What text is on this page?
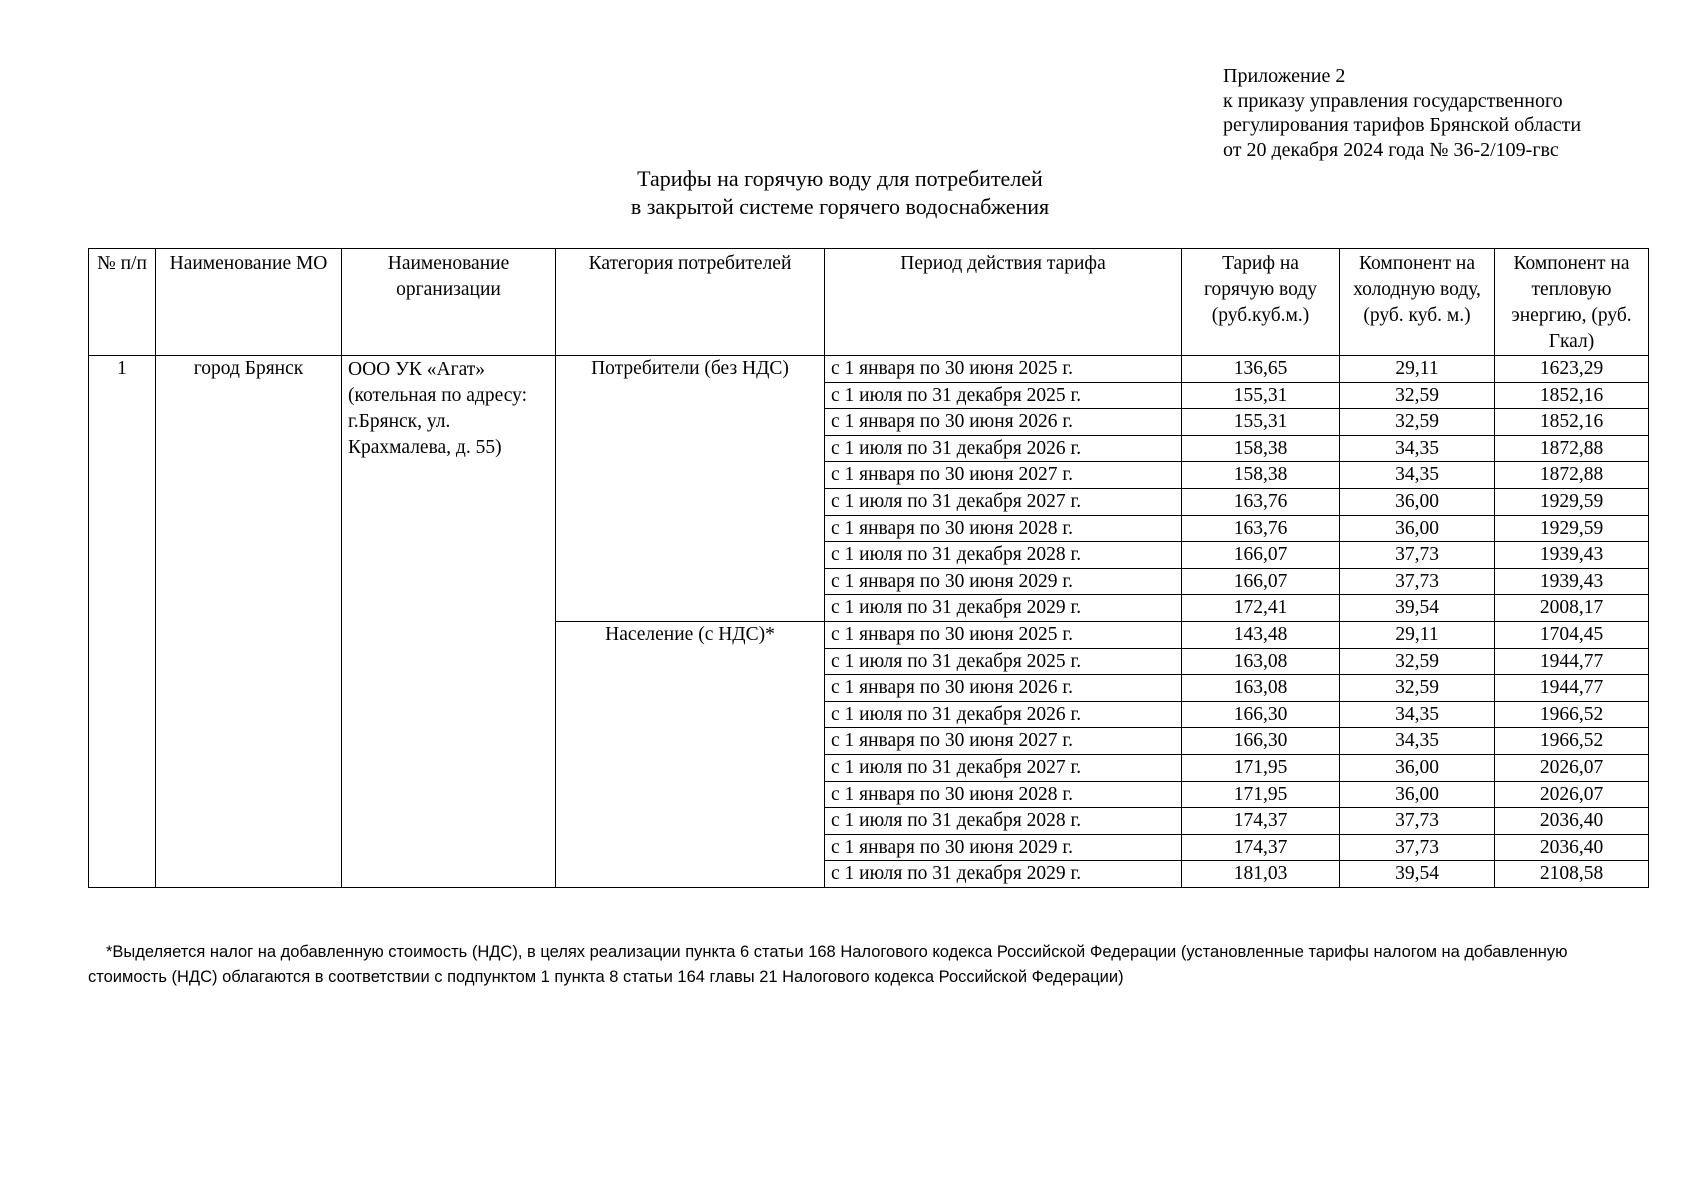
Приложение 2
к приказу управления государственного
регулирования тарифов Брянской области
от 20 декабря 2024 года № 36-2/109-гвс
Тарифы на горячую воду для потребителей
в закрытой системе горячего водоснабжения
№ п/п	Наименование МО	Наименование организации	Категория потребителей	Период действия тарифа	Тариф на горячую воду (руб.куб.м.)	Компонент на холодную воду, (руб. куб. м.)	Компонент на тепловую энергию, (руб. Гкал)
1	город Брянск	ООО УК «Агат» (котельная по адресу: г.Брянск, ул. Крахмалева, д. 55)	Потребители (без НДС)	с 1 января по 30 июня 2025 г.	136,65	29,11	1623,29
				с 1 июля по 31 декабря 2025 г.	155,31	32,59	1852,16
				с 1 января по 30 июня 2026 г.	155,31	32,59	1852,16
				с 1 июля по 31 декабря 2026 г.	158,38	34,35	1872,88
				с 1 января по 30 июня 2027 г.	158,38	34,35	1872,88
				с 1 июля по 31 декабря 2027 г.	163,76	36,00	1929,59
				с 1 января по 30 июня 2028 г.	163,76	36,00	1929,59
				с 1 июля по 31 декабря 2028 г.	166,07	37,73	1939,43
				с 1 января по 30 июня 2029 г.	166,07	37,73	1939,43
				с 1 июля по 31 декабря 2029 г.	172,41	39,54	2008,17
			Население (с НДС)*	с 1 января по 30 июня 2025 г.	143,48	29,11	1704,45
				с 1 июля по 31 декабря 2025 г.	163,08	32,59	1944,77
				с 1 января по 30 июня 2026 г.	163,08	32,59	1944,77
				с 1 июля по 31 декабря 2026 г.	166,30	34,35	1966,52
				с 1 января по 30 июня 2027 г.	166,30	34,35	1966,52
				с 1 июля по 31 декабря 2027 г.	171,95	36,00	2026,07
				с 1 января по 30 июня 2028 г.	171,95	36,00	2026,07
				с 1 июля по 31 декабря 2028 г.	174,37	37,73	2036,40
				с 1 января по 30 июня 2029 г.	174,37	37,73	2036,40
				с 1 июля по 31 декабря 2029 г.	181,03	39,54	2108,58
*Выделяется налог на добавленную стоимость (НДС), в целях реализации пункта 6 статьи 168 Налогового кодекса Российской Федерации (установленные тарифы налогом на добавленную стоимость (НДС) облагаются в соответствии с подпунктом 1 пункта 8 статьи 164 главы 21 Налогового кодекса Российской Федерации)
